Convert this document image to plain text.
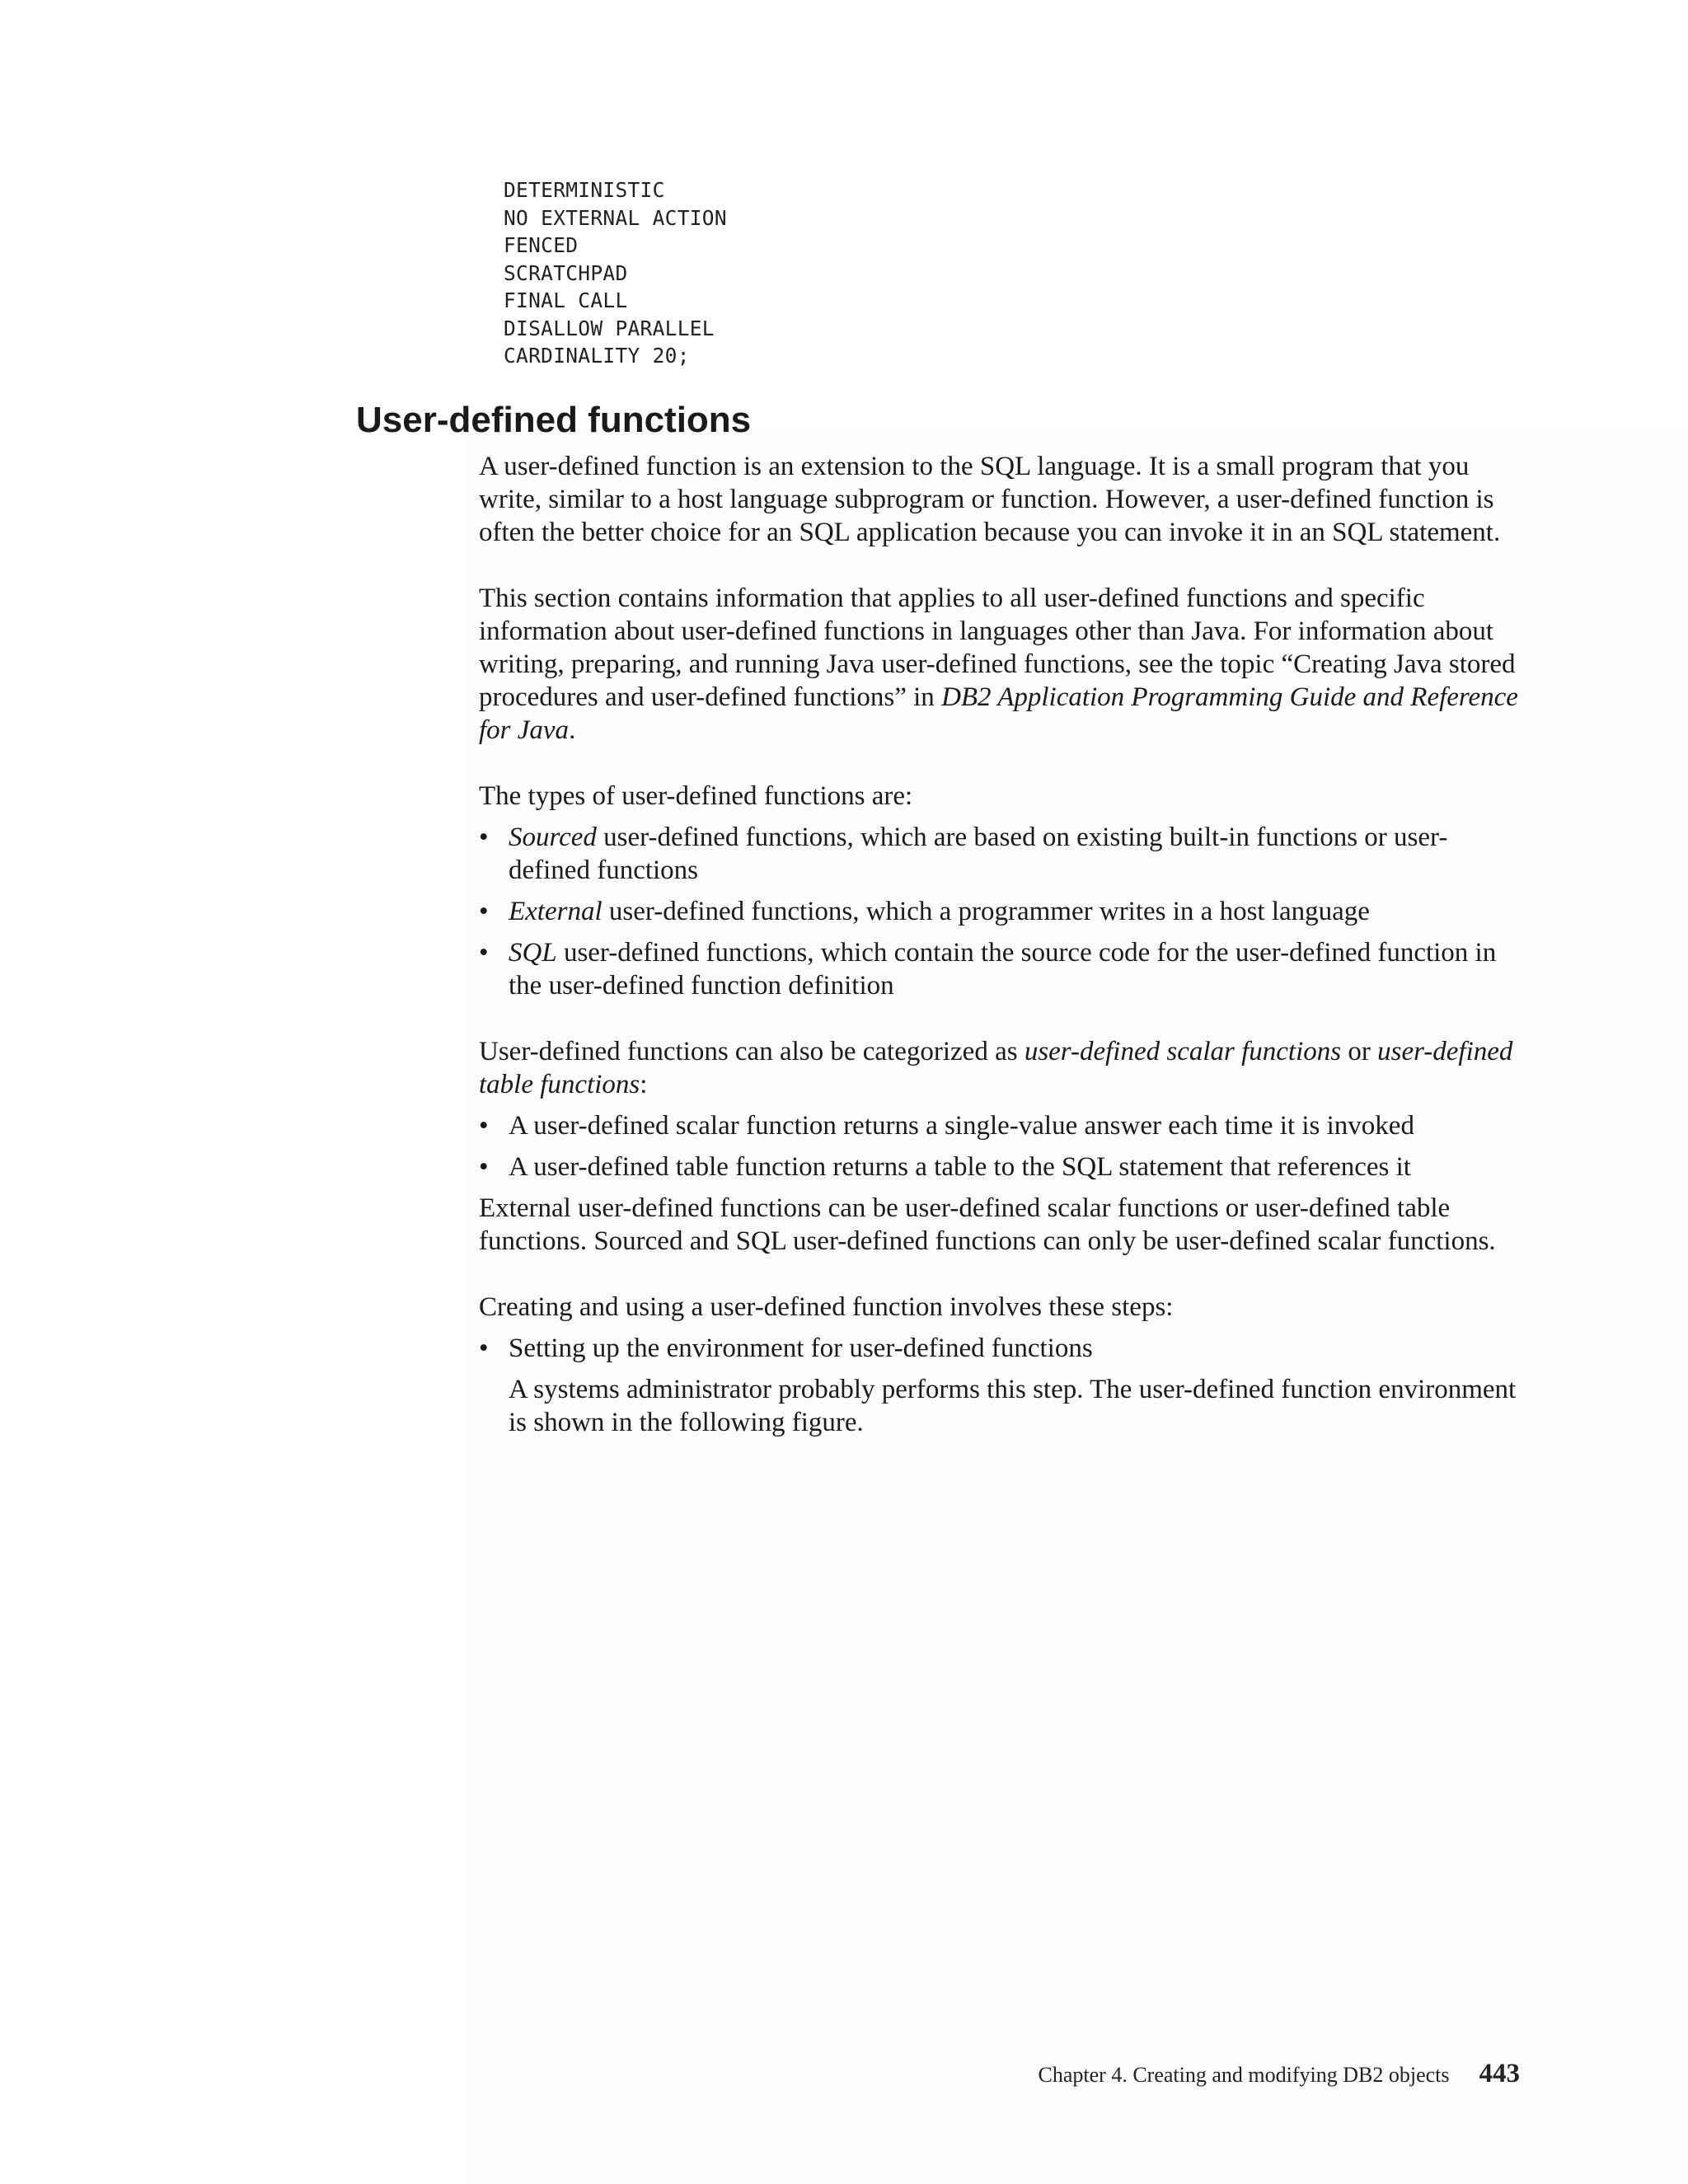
DETERMINISTIC
NO EXTERNAL ACTION
FENCED
SCRATCHPAD
FINAL CALL
DISALLOW PARALLEL
CARDINALITY 20;
User-defined functions

A user-defined function is an extension to the SQL language. It is a small program that you write, similar to a host language subprogram or function. However, a user-defined function is often the better choice for an SQL application because you can invoke it in an SQL statement.

This section contains information that applies to all user-defined functions and specific information about user-defined functions in languages other than Java. For information about writing, preparing, and running Java user-defined functions, see the topic “Creating Java stored procedures and user-defined functions” in DB2 Application Programming Guide and Reference for Java.

The types of user-defined functions are:

• Sourced user-defined functions, which are based on existing built-in functions or user-defined functions
• External user-defined functions, which a programmer writes in a host language
• SQL user-defined functions, which contain the source code for the user-defined function in the user-defined function definition

User-defined functions can also be categorized as user-defined scalar functions or user-defined table functions:

• A user-defined scalar function returns a single-value answer each time it is invoked
• A user-defined table function returns a table to the SQL statement that references it

External user-defined functions can be user-defined scalar functions or user-defined table functions. Sourced and SQL user-defined functions can only be user-defined scalar functions.

Creating and using a user-defined function involves these steps:

• Setting up the environment for user-defined functions

A systems administrator probably performs this step. The user-defined function environment is shown in the following figure.

Chapter 4. Creating and modifying DB2 objects 443
